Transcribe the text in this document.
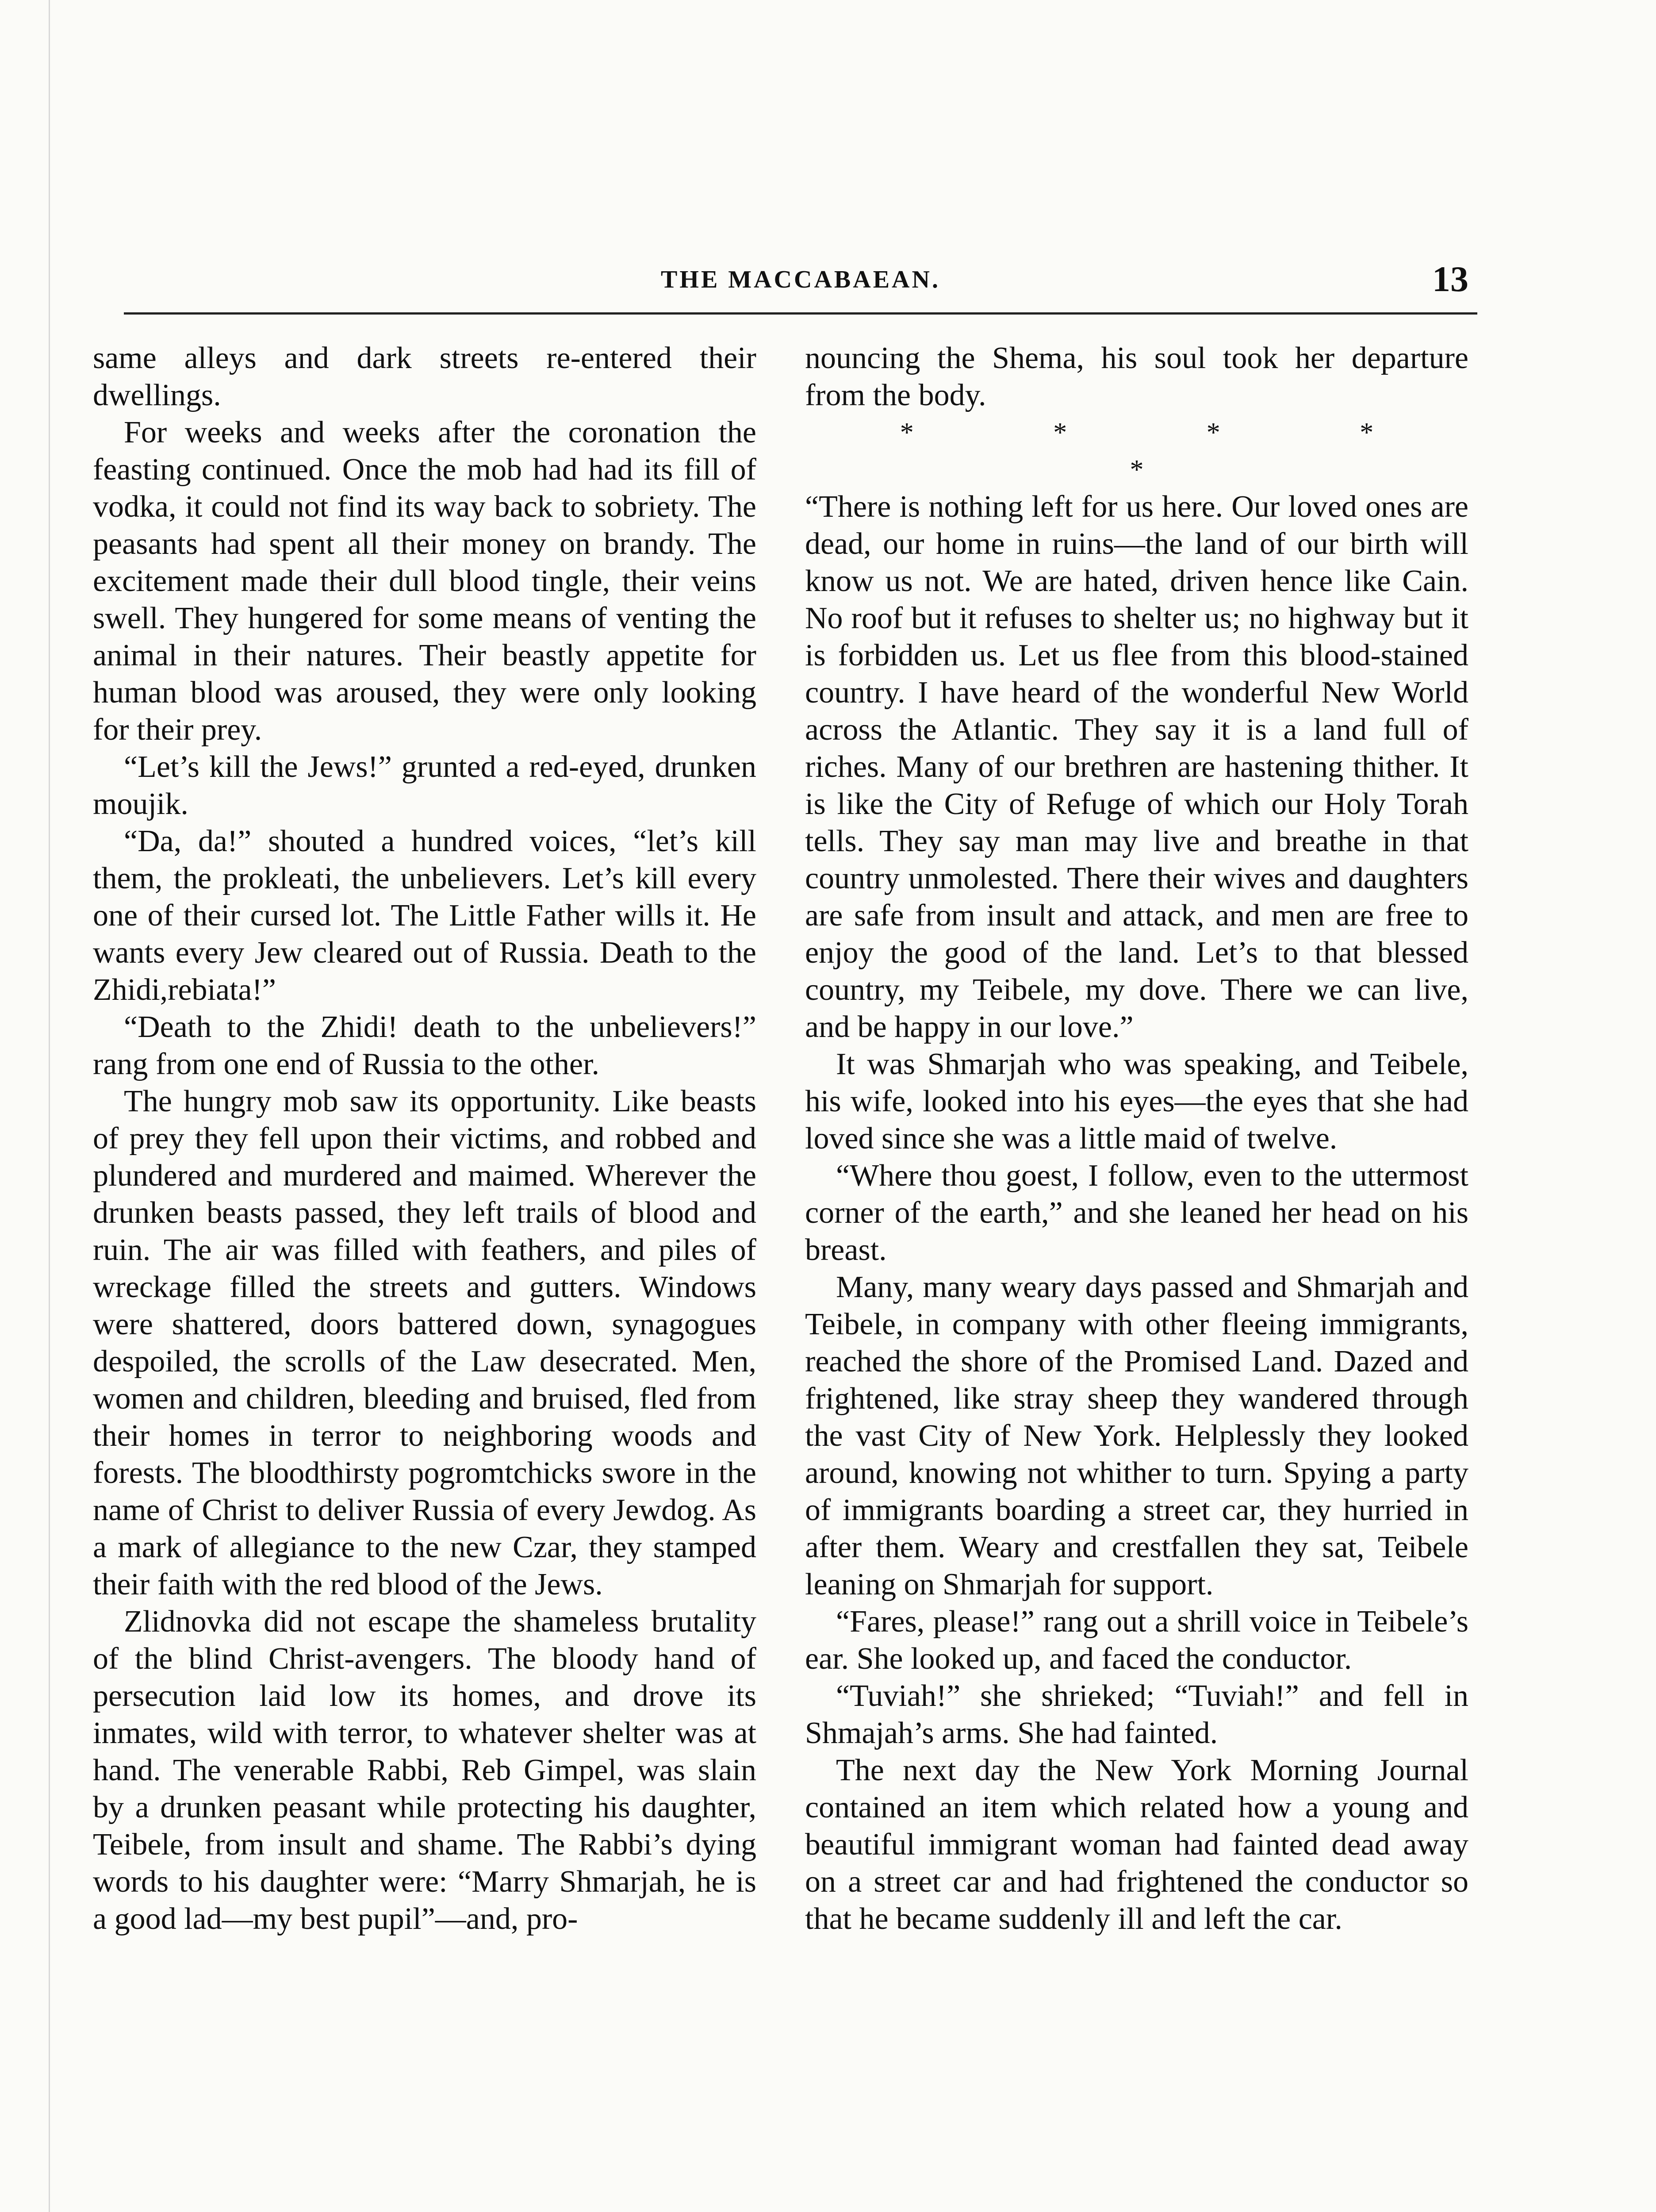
THE MACCABAEAN.	13

same alleys and dark streets re-entered their dwellings.

For weeks and weeks after the coronation the feasting continued. Once the mob had had its fill of vodka, it could not find its way back to sobriety. The peasants had spent all their money on brandy. The excitement made their dull blood tingle, their veins swell. They hungered for some means of venting the animal in their natures. Their beastly appetite for human blood was aroused, they were only looking for their prey.

“Let’s kill the Jews!” grunted a red-eyed, drunken moujik.

“Da, da!” shouted a hundred voices, “let’s kill them, the prokleati, the unbelievers. Let’s kill every one of their cursed lot. The Little Father wills it. He wants every Jew cleared out of Russia. Death to the Zhidi,rebiata!”

“Death to the Zhidi! death to the unbelievers!” rang from one end of Russia to the other.

The hungry mob saw its opportunity. Like beasts of prey they fell upon their victims, and robbed and plundered and murdered and maimed. Wherever the drunken beasts passed, they left trails of blood and ruin. The air was filled with feathers, and piles of wreckage filled the streets and gutters. Windows were shattered, doors battered down, synagogues despoiled, the scrolls of the Law desecrated. Men, women and children, bleeding and bruised, fled from their homes in terror to neighboring woods and forests. The bloodthirsty pogromtchicks swore in the name of Christ to deliver Russia of every Jewdog. As a mark of allegiance to the new Czar, they stamped their faith with the red blood of the Jews.

Zlidnovka did not escape the shameless brutality of the blind Christ-avengers. The bloody hand of persecution laid low its homes, and drove its inmates, wild with terror, to whatever shelter was at hand. The venerable Rabbi, Reb Gimpel, was slain by a drunken peasant while protecting his daughter, Teibele, from insult and shame. The Rabbi’s dying words to his daughter were: “Marry Shmarjah, he is a good lad—my best pupil”—and, pro-

nouncing the Shema, his soul took her departure from the body.

* * * * *

“There is nothing left for us here. Our loved ones are dead, our home in ruins—the land of our birth will know us not. We are hated, driven hence like Cain. No roof but it refuses to shelter us; no highway but it is forbidden us. Let us flee from this blood-stained country. I have heard of the wonderful New World across the Atlantic. They say it is a land full of riches. Many of our brethren are hastening thither. It is like the City of Refuge of which our Holy Torah tells. They say man may live and breathe in that country unmolested. There their wives and daughters are safe from insult and attack, and men are free to enjoy the good of the land. Let’s to that blessed country, my Teibele, my dove. There we can live, and be happy in our love.”

It was Shmarjah who was speaking, and Teibele, his wife, looked into his eyes—the eyes that she had loved since she was a little maid of twelve.

“Where thou goest, I follow, even to the uttermost corner of the earth,” and she leaned her head on his breast.

Many, many weary days passed and Shmarjah and Teibele, in company with other fleeing immigrants, reached the shore of the Promised Land. Dazed and frightened, like stray sheep they wandered through the vast City of New York. Helplessly they looked around, knowing not whither to turn. Spying a party of immigrants boarding a street car, they hurried in after them. Weary and crestfallen they sat, Teibele leaning on Shmarjah for support.

“Fares, please!” rang out a shrill voice in Teibele’s ear. She looked up, and faced the conductor.

“Tuviah!” she shrieked; “Tuviah!” and fell in Shmajah’s arms. She had fainted.

The next day the New York Morning Journal contained an item which related how a young and beautiful immigrant woman had fainted dead away on a street car and had frightened the conductor so that he became suddenly ill and left the car.
